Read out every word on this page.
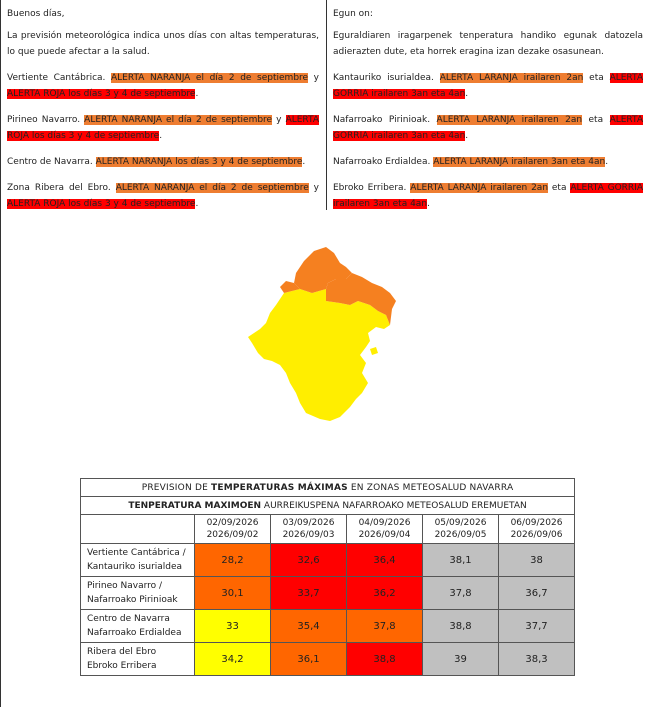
Buenos días,

La previsión meteorológica indica unos días con altas temperaturas, lo que puede afectar a la salud.

Vertiente Cantábrica. ALERTA NARANJA el día 2 de septiembre y ALERTA ROJA los días 3 y 4 de septiembre.

Pirineo Navarro. ALERTA NARANJA el día 2 de septiembre y ALERTA ROJA los días 3 y 4 de septiembre.

Centro de Navarra. ALERTA NARANJA los días 3 y 4 de septiembre.

Zona Ribera del Ebro. ALERTA NARANJA el día 2 de septiembre y ALERTA ROJA los días 3 y 4 de septiembre.

Egun on:

Eguraldiaren iragarpenek tenperatura handiko egunak datozela adierazten dute, eta horrek eragina izan dezake osasunean.

Kantauriko isurialdea. ALERTA LARANJA irailaren 2an eta ALERTA GORRIA irailaren 3an eta 4an.

Nafarroako Pirinioak. ALERTA LARANJA irailaren 2an eta ALERTA GORRIA irailaren 3an eta 4an.

Nafarroako Erdialdea. ALERTA LARANJA irailaren 3an eta 4an.

Ebroko Erribera. ALERTA LARANJA irailaren 2an eta ALERTA GORRIA irailaren 3an eta 4an.

PREVISION DE TEMPERATURAS MÁXIMAS EN ZONAS METEOSALUD NAVARRA					
TENPERATURA MAXIMOEN AURREIKUSPENA NAFARROAKO METEOSALUD EREMUETAN					
	02/09/2026
2026/09/02	03/09/2026
2026/09/03	04/09/2026
2026/09/04	05/09/2026
2026/09/05	06/09/2026
2026/09/06
Vertiente Cantábrica /
Kantauriko isurialdea	28,2	32,6	36,4	38,1	38
Pirineo Navarro /
Nafarroako Pirinioak	30,1	33,7	36,2	37,8	36,7
Centro de Navarra
Nafarroako Erdialdea	33	35,4	37,8	38,8	37,7
Ribera del Ebro
Ebroko Erribera	34,2	36,1	38,8	39	38,3
